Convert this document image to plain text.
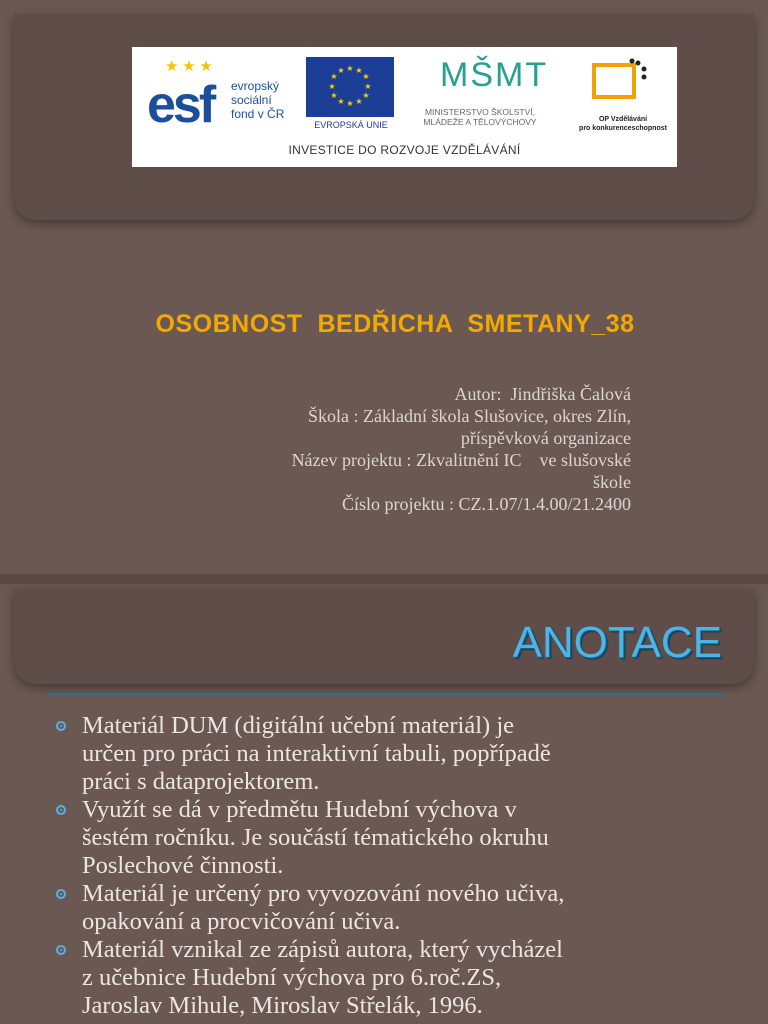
★ ★ ★
esf evropský
sociální
fond v ČR
★ ★
★
★
★
★
★
★
★
★
★
★
EVROPSKÁ UNIE
MŠMT
MINISTERSTVO ŠKOLSTVÍ,
MLÁDEŽE A TĚLOVÝCHOVY	OP Vzdělávání
pro konkurenceschopnost
INVESTICE DO ROZVOJE VZDĚLÁVÁNÍ
OSOBNOST  BEDŘICHA  SMETANY_38
Autor:  Jindřiška Čalová
Škola : Základní škola Slušovice, okres Zlín,
příspěvková organizace
Název projektu : Zkvalitnění IC    ve slušovské
škole
Číslo projektu : CZ.1.07/1.4.00/21.2400
ANOTACE
Materiál DUM (digitální učební materiál) je
určen pro práci na interaktivní tabuli, popřípadě
práci s dataprojektorem.
Využít se dá v předmětu Hudební výchova v
šestém ročníku. Je součástí tématického okruhu
Poslechové činnosti.
Materiál je určený pro vyvozování nového učiva,
opakování a procvičování učiva.
Materiál vznikal ze zápisů autora, který vycházel
z učebnice Hudební výchova pro 6.roč.ZS,
Jaroslav Mihule, Miroslav Střelák, 1996.
